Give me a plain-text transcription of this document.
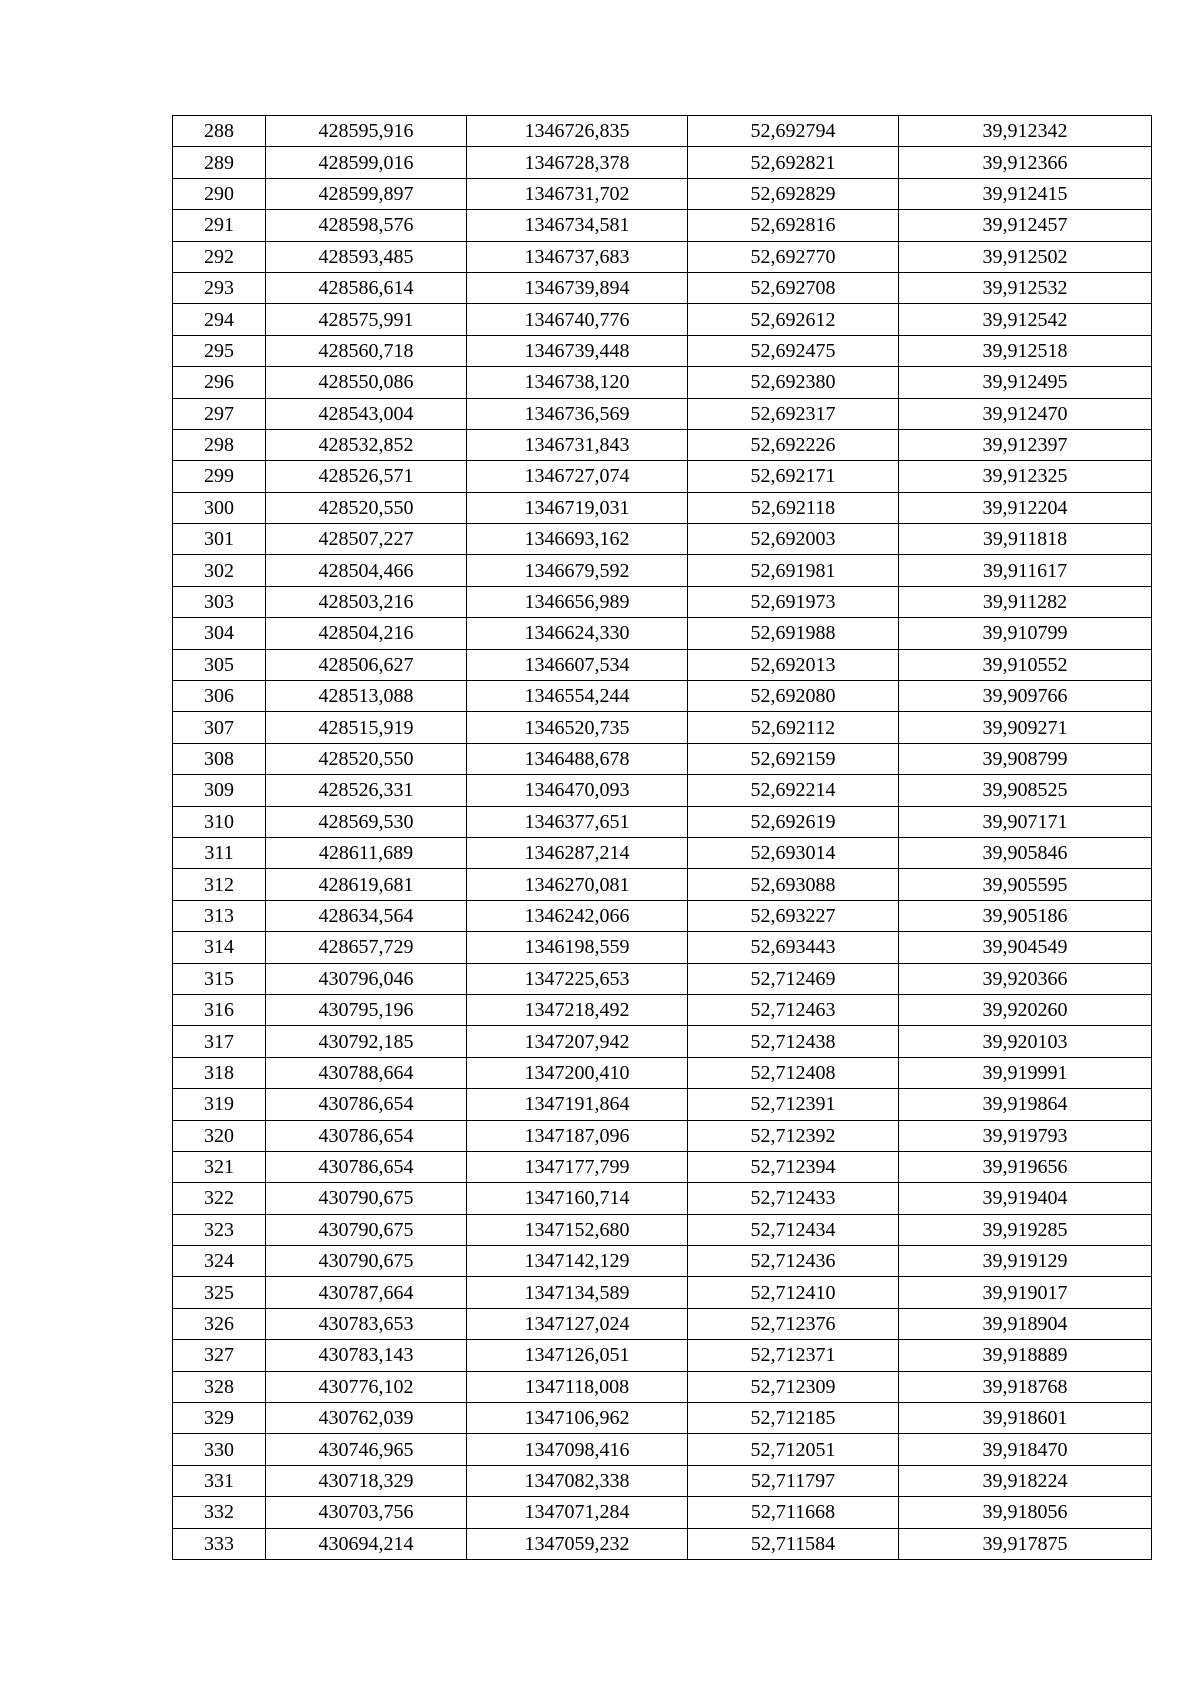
288	428595,916	1346726,835	52,692794	39,912342
289	428599,016	1346728,378	52,692821	39,912366
290	428599,897	1346731,702	52,692829	39,912415
291	428598,576	1346734,581	52,692816	39,912457
292	428593,485	1346737,683	52,692770	39,912502
293	428586,614	1346739,894	52,692708	39,912532
294	428575,991	1346740,776	52,692612	39,912542
295	428560,718	1346739,448	52,692475	39,912518
296	428550,086	1346738,120	52,692380	39,912495
297	428543,004	1346736,569	52,692317	39,912470
298	428532,852	1346731,843	52,692226	39,912397
299	428526,571	1346727,074	52,692171	39,912325
300	428520,550	1346719,031	52,692118	39,912204
301	428507,227	1346693,162	52,692003	39,911818
302	428504,466	1346679,592	52,691981	39,911617
303	428503,216	1346656,989	52,691973	39,911282
304	428504,216	1346624,330	52,691988	39,910799
305	428506,627	1346607,534	52,692013	39,910552
306	428513,088	1346554,244	52,692080	39,909766
307	428515,919	1346520,735	52,692112	39,909271
308	428520,550	1346488,678	52,692159	39,908799
309	428526,331	1346470,093	52,692214	39,908525
310	428569,530	1346377,651	52,692619	39,907171
311	428611,689	1346287,214	52,693014	39,905846
312	428619,681	1346270,081	52,693088	39,905595
313	428634,564	1346242,066	52,693227	39,905186
314	428657,729	1346198,559	52,693443	39,904549
315	430796,046	1347225,653	52,712469	39,920366
316	430795,196	1347218,492	52,712463	39,920260
317	430792,185	1347207,942	52,712438	39,920103
318	430788,664	1347200,410	52,712408	39,919991
319	430786,654	1347191,864	52,712391	39,919864
320	430786,654	1347187,096	52,712392	39,919793
321	430786,654	1347177,799	52,712394	39,919656
322	430790,675	1347160,714	52,712433	39,919404
323	430790,675	1347152,680	52,712434	39,919285
324	430790,675	1347142,129	52,712436	39,919129
325	430787,664	1347134,589	52,712410	39,919017
326	430783,653	1347127,024	52,712376	39,918904
327	430783,143	1347126,051	52,712371	39,918889
328	430776,102	1347118,008	52,712309	39,918768
329	430762,039	1347106,962	52,712185	39,918601
330	430746,965	1347098,416	52,712051	39,918470
331	430718,329	1347082,338	52,711797	39,918224
332	430703,756	1347071,284	52,711668	39,918056
333	430694,214	1347059,232	52,711584	39,917875
